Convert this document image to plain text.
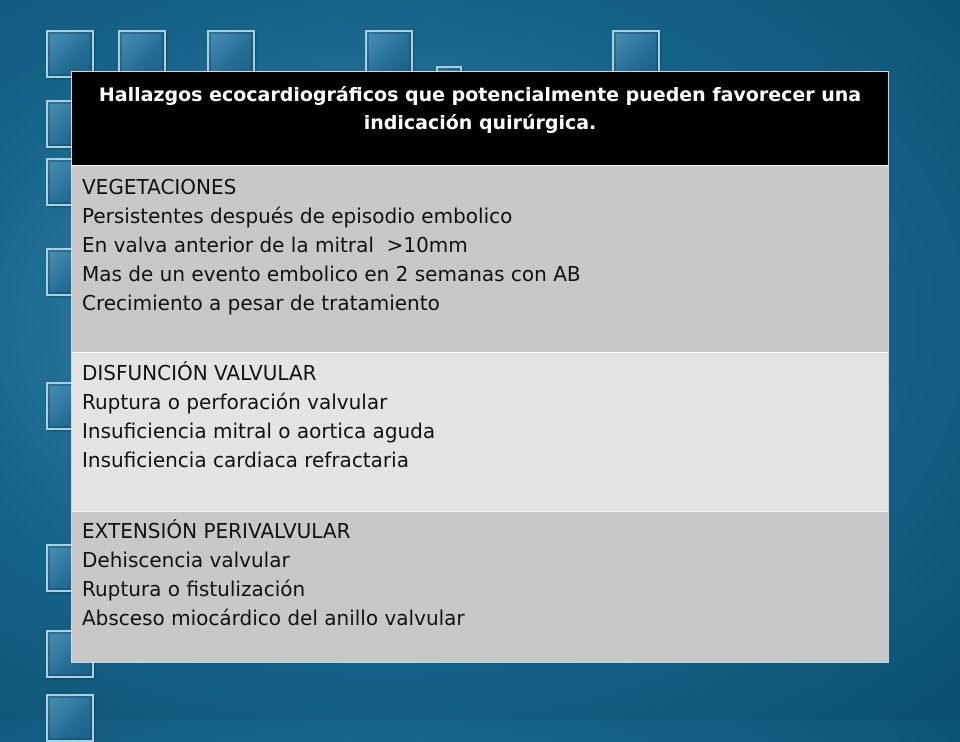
Hallazgos ecocardiográficos que potencialmente pueden favorecer una indicación quirúrgica.
VEGETACIONES
Persistentes después de episodio embolico
En valva anterior de la mitral  >10mm
Mas de un evento embolico en 2 semanas con AB
Crecimiento a pesar de tratamiento
DISFUNCIÓN VALVULAR
Ruptura o perforación valvular
Insuficiencia mitral o aortica aguda
Insuficiencia cardiaca refractaria
EXTENSIÓN PERIVALVULAR
Dehiscencia valvular
Ruptura o fistulización
Absceso miocárdico del anillo valvular
